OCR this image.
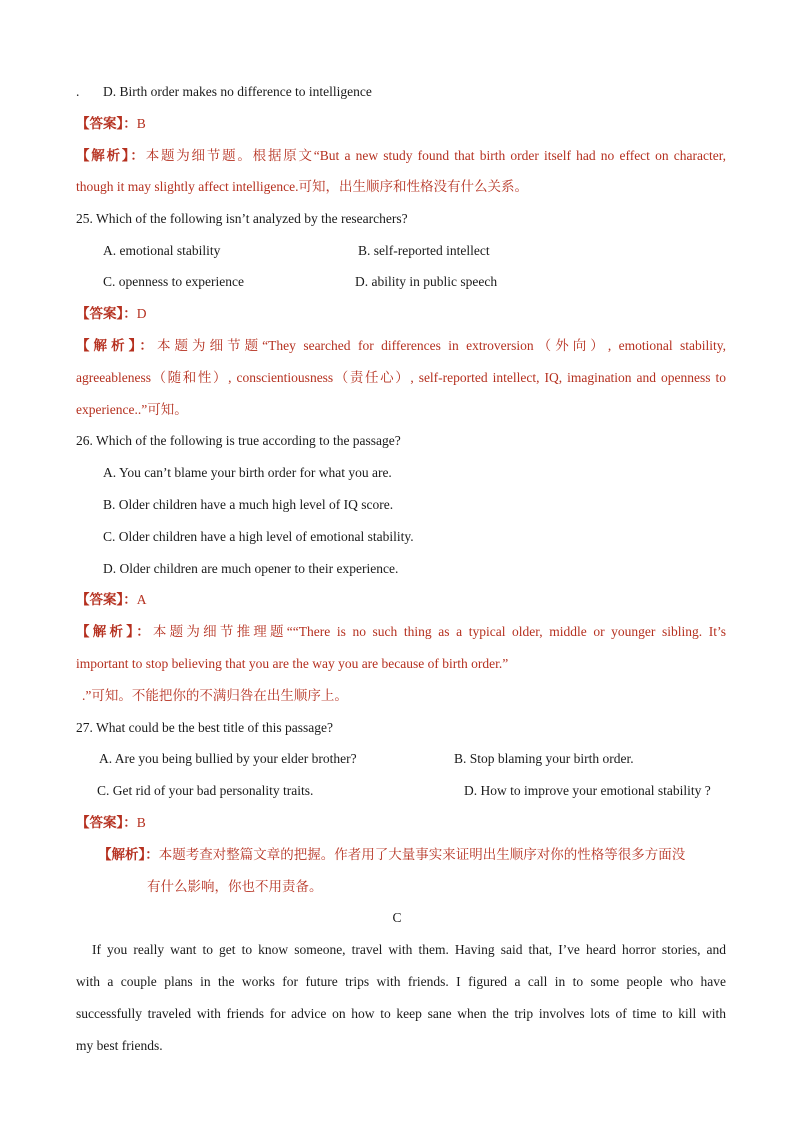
. D. Birth order makes no difference to intelligence
【答案】：B
【解析】：本题为细节题。根据原文“But a new study found that birth order itself had no effect on character,
though it may slightly affect intelligence.可知，出生顺序和性格没有什么关系。
25. Which of the following isn’t analyzed by the researchers?
A. emotional stability	B. self-reported intellect
C. openness to experience	D. ability in public speech
【答案】：D
【解析】：本题为细节题“They searched for differences in extroversion（外向）, emotional stability,
agreeableness（随和性）, conscientiousness（责任心）, self-reported intellect, IQ, imagination and openness to
experience..”可知。
26. Which of the following is true according to the passage?
A. You can’t blame your birth order for what you are.
B. Older children have a much high level of IQ score.
C. Older children have a high level of emotional stability.
D. Older children are much opener to their experience.
【答案】：A
【解析】：本题为细节推理题““There is no such thing as a typical older, middle or younger sibling. It’s
important to stop believing that you are the way you are because of birth order.”
.”可知。不能把你的不满归咎在出生顺序上。
27. What could be the best title of this passage?
A. Are you being bullied by your elder brother?	B. Stop blaming your birth order.
C. Get rid of your bad personality traits.	D. How to improve your emotional stability ?
【答案】：B
【解析】：本题考查对整篇文章的把握。作者用了大量事实来证明出生顺序对你的性格等很多方面没
有什么影响，你也不用责备。
C
If you really want to get to know someone, travel with them. Having said that, I’ve heard horror stories, and
with a couple plans in the works for future trips with friends. I figured a call in to some people who have
successfully traveled with friends for advice on how to keep sane when the trip involves lots of time to kill with
my best friends.
